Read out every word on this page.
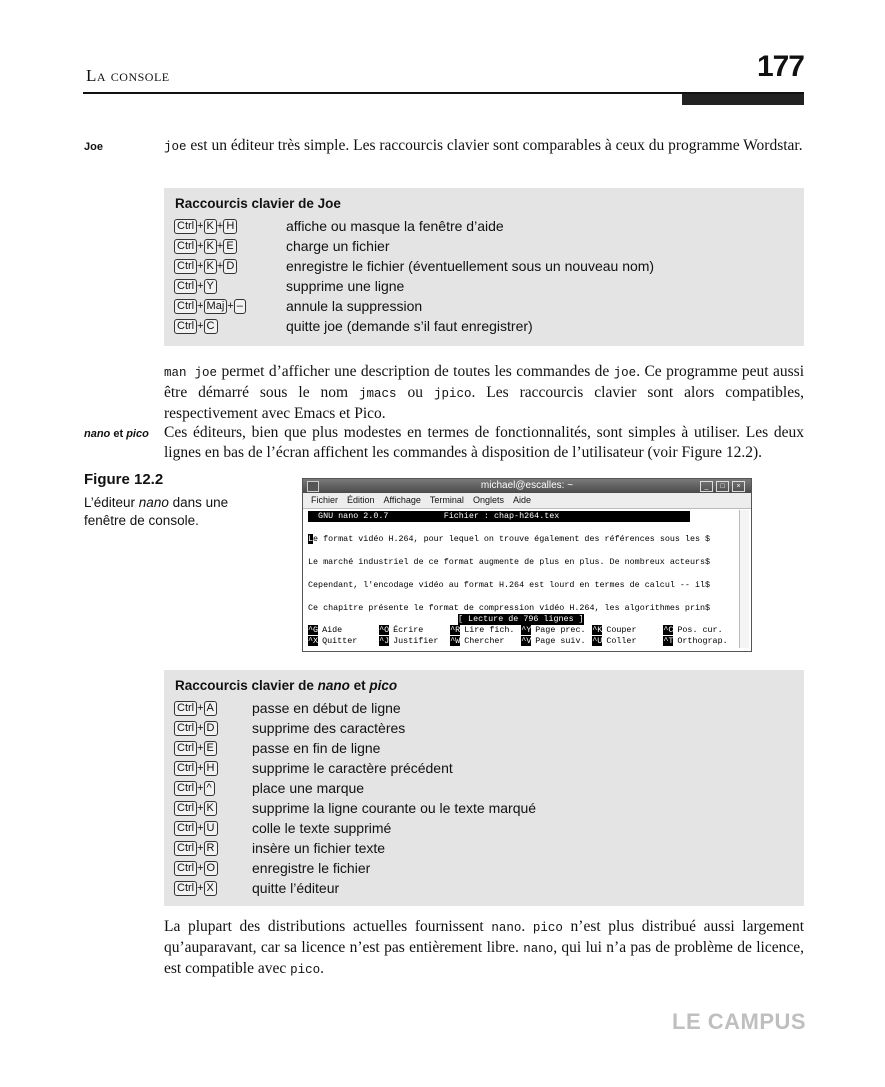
La console	177
Joe	joe est un éditeur très simple. Les raccourcis clavier sont comparables à ceux du programme Wordstar.
Raccourcis clavier de Joe
Ctrl + K + H	affiche ou masque la fenêtre d’aide
Ctrl + K + E	charge un fichier
Ctrl + K + D	enregistre le fichier (éventuellement sous un nouveau nom)
Ctrl + Y	supprime une ligne
Ctrl + Maj + –	annule la suppression
Ctrl + C	quitte joe (demande s’il faut enregistrer)
man joe permet d’afficher une description de toutes les commandes de joe. Ce programme peut aussi être démarré sous le nom jmacs ou jpico. Les raccourcis clavier sont alors compatibles, respectivement avec Emacs et Pico.
nano et pico Ces éditeurs, bien que plus modestes en termes de fonctionnalités, sont simples à utiliser. Les deux lignes en bas de l’écran affichent les commandes à disposition de l’utilisateur (voir Figure 12.2).
Figure 12.2
L’éditeur nano dans une fenêtre de console.
michael@escalles: ~	_	□	×
Fichier Édition Affichage Terminal Onglets Aide

GNU nano 2.0.7           Fichier : chap-h264.tex

Le format vidéo H.264, pour lequel on trouve également des références sous les $

Le marché industriel de ce format augmente de plus en plus. De nombreux acteurs$

Cependant, l'encodage vidéo au format H.264 est lourd en termes de calcul -- il$

Ce chapitre présente le format de compression vidéo H.264, les algorithmes prin$

[ Lecture de 796 lignes ]

^G Aide	^O Écrire	^R Lire fich. ^Y Page prec. ^K Couper	^C Pos. cur.

^X Quitter	^J Justifier ^W Chercher ^V Page suiv. ^U Coller	^T Orthograp.

Raccourcis clavier de nano et pico
Ctrl + A	passe en début de ligne
Ctrl + D	supprime des caractères
Ctrl + E	passe en fin de ligne
Ctrl + H	supprime le caractère précédent
Ctrl + ^	place une marque
Ctrl + K	supprime la ligne courante ou le texte marqué
Ctrl + U	colle le texte supprimé
Ctrl + R	insère un fichier texte
Ctrl + O	enregistre le fichier
Ctrl + X	quitte l’éditeur
La plupart des distributions actuelles fournissent nano. pico n’est plus distribué aussi largement qu’auparavant, car sa licence n’est pas entièrement libre. nano, qui lui n’a pas de problème de licence, est compatible avec pico.
LE CAMPUS
